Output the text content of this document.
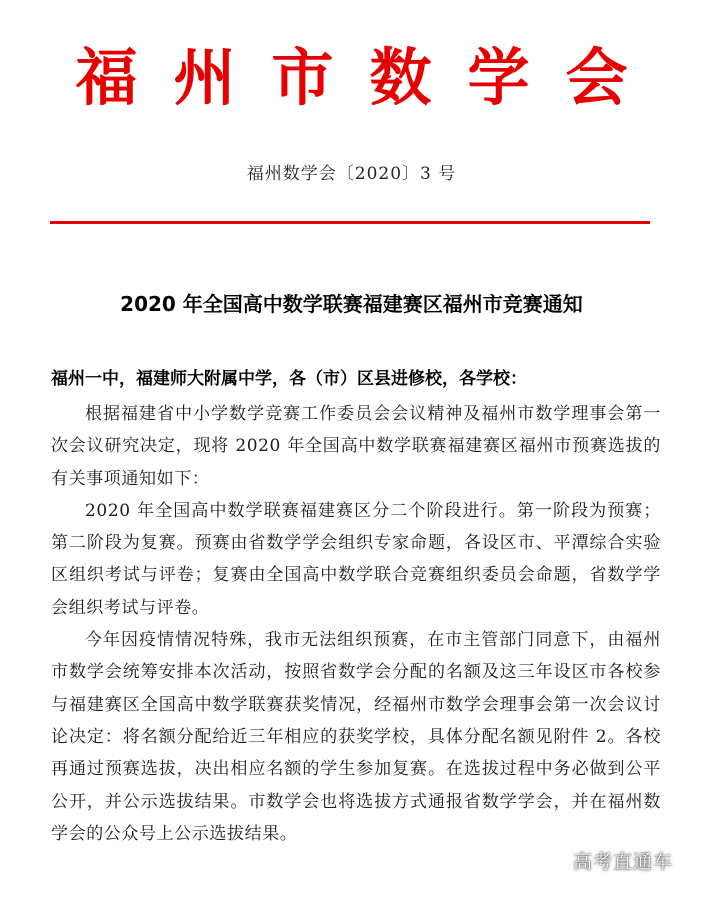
福州市数学会
福州数学会〔2020〕3 号
2020 年全国高中数学联赛福建赛区福州市竞赛通知
福州一中，福建师大附属中学，各（市）区县进修校，各学校：

根据福建省中小学数学竞赛工作委员会会议精神及福州市数学理事会第一次会议研究决定，现将 2020 年全国高中数学联赛福建赛区福州市预赛选拔的有关事项通知如下：

2020 年全国高中数学联赛福建赛区分二个阶段进行。第一阶段为预赛；第二阶段为复赛。预赛由省数学学会组织专家命题，各设区市、平潭综合实验区组织考试与评卷；复赛由全国高中数学联合竞赛组织委员会命题，省数学学会组织考试与评卷。

今年因疫情情况特殊，我市无法组织预赛，在市主管部门同意下，由福州市数学会统筹安排本次活动，按照省数学会分配的名额及这三年设区市各校参与福建赛区全国高中数学联赛获奖情况，经福州市数学会理事会第一次会议讨论决定：将名额分配给近三年相应的获奖学校，具体分配名额见附件 2。各校再通过预赛选拔，决出相应名额的学生参加复赛。在选拔过程中务必做到公平公开，并公示选拔结果。市数学会也将选拔方式通报省数学学会，并在福州数学会的公众号上公示选拔结果。

高考直通车
